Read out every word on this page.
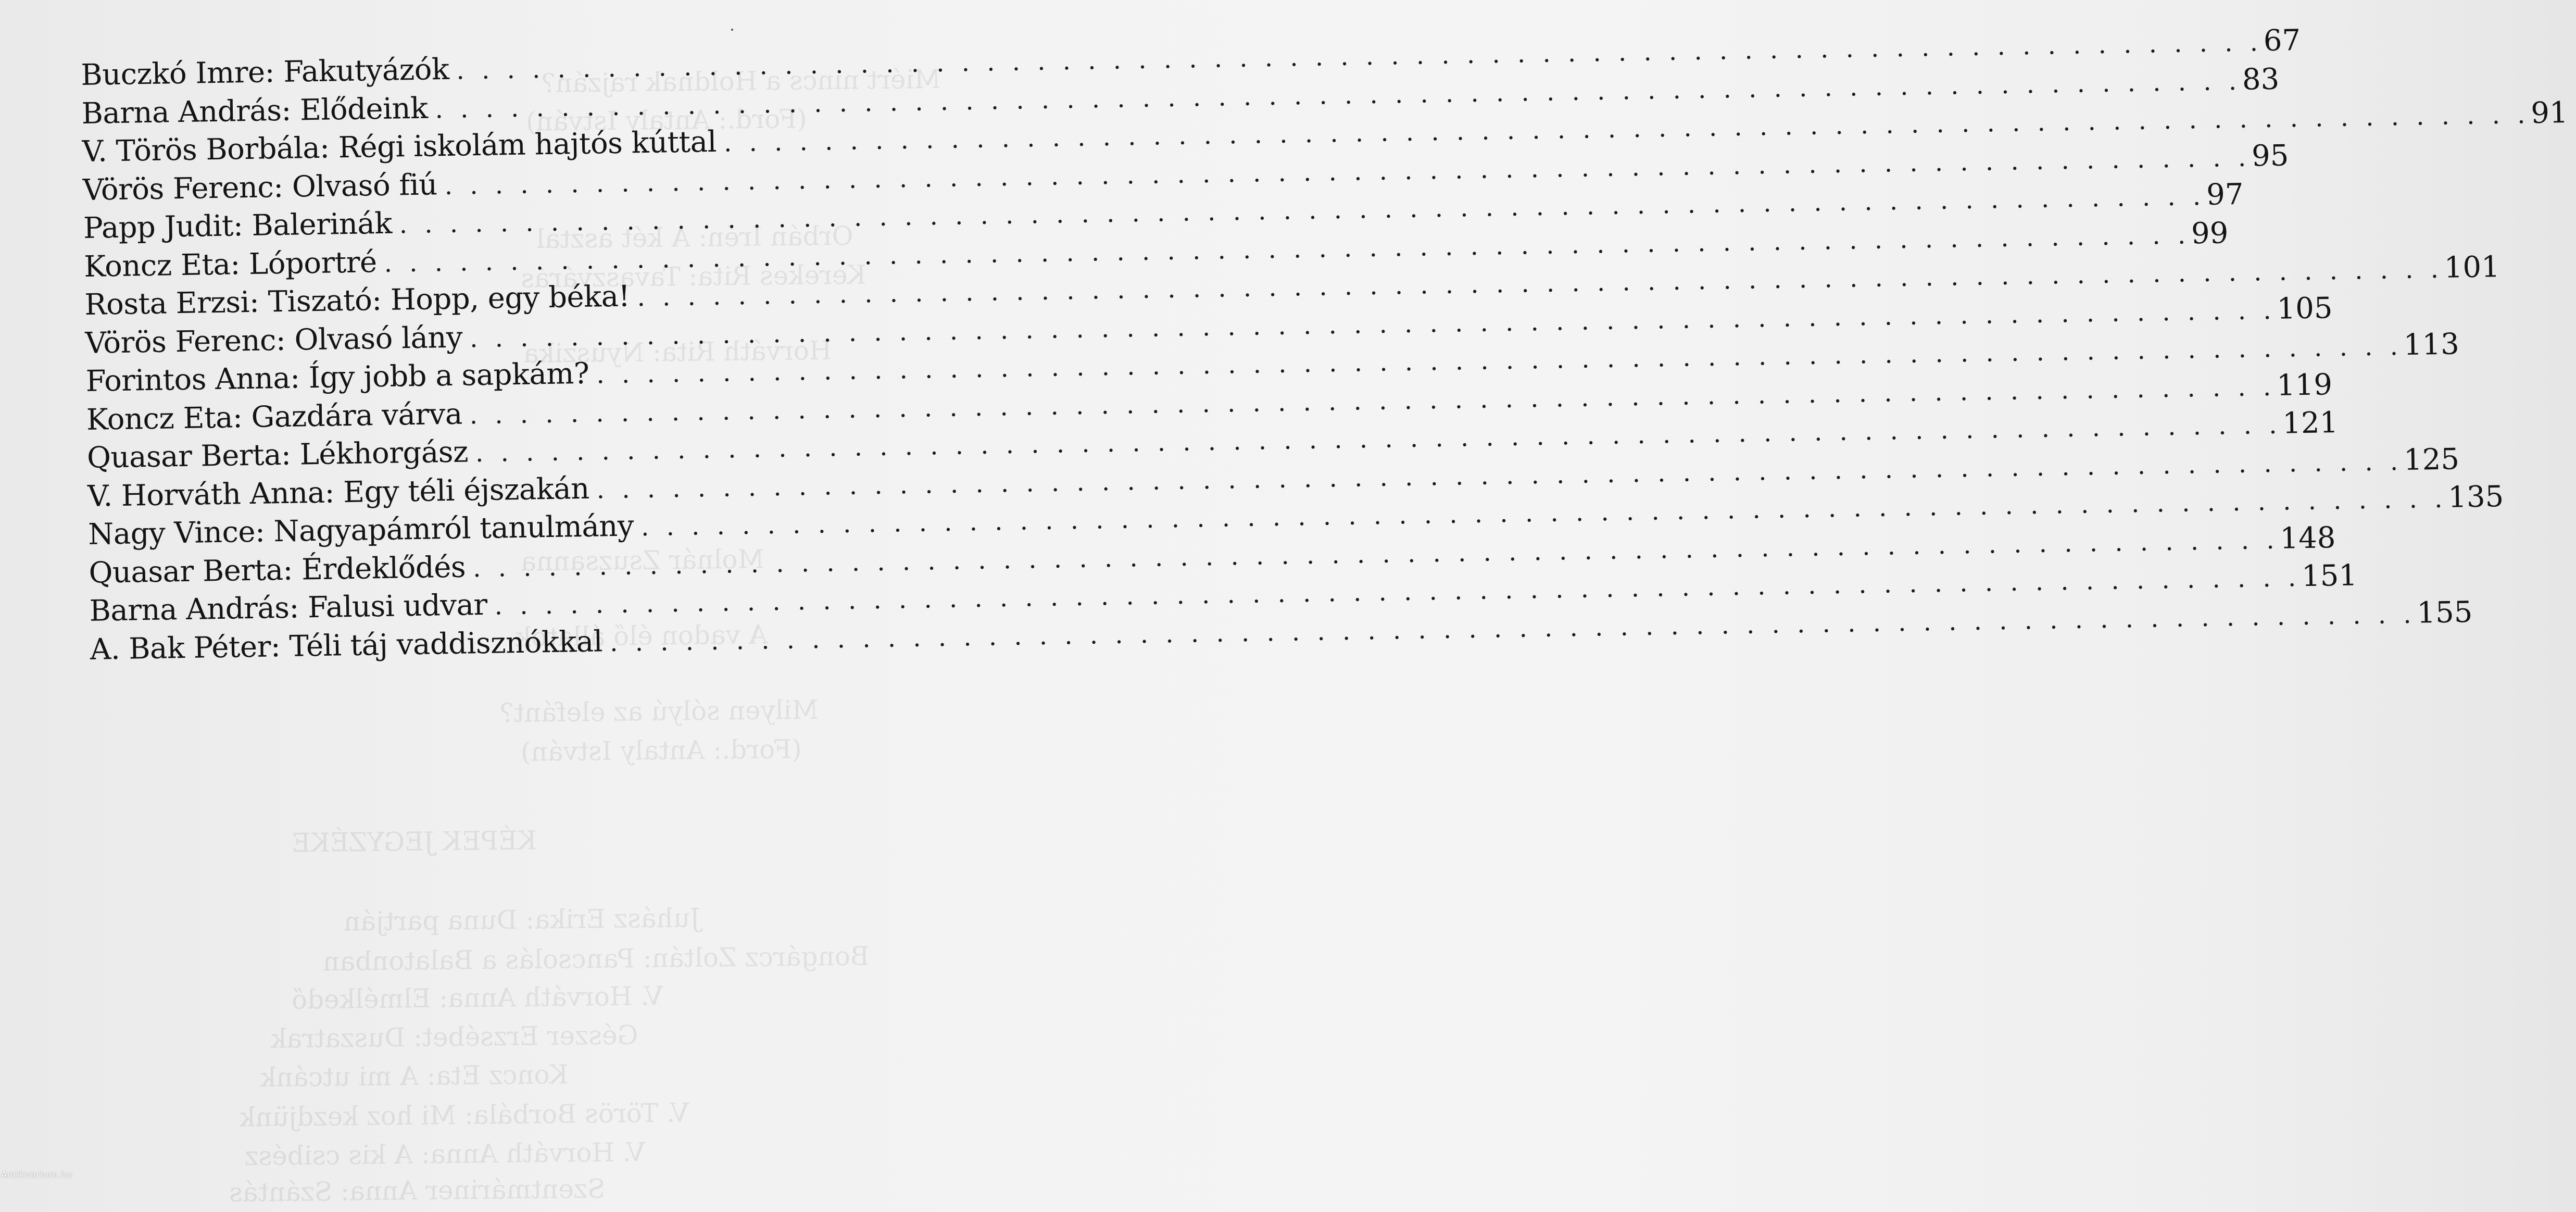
Miért nincs a Holdnak rajzán?
(Ford.: Antaly István)
Orbán Irén: A két asztal
Kerekes Rita: Tavaszvárás
Horváth Rita: Nyuszika
Molnár Zsuzsanna
A vadon élő állatok
Milyen sólyú az elefánt?
(Ford.: Antaly István)
KÉPEK JEGYZÉKE
Juhász Erika: Duna partján
Bongárcz Zoltán: Pancsolás a Balatonban
V. Horváth Anna: Elmélkedő
Gészer Erzsébet: Duszatrak
Koncz Eta: A mi utcánk
V. Törös Borbála: Mi hoz kezdjünk
V. Horváth Anna: A kis csibész
Szentmáriner Anna: Szántás
Buczkó Imre: Fakutyázók
. . .
67
Barna András: Elődeink
. . .
83
V. Törös Borbála: Régi iskolám hajtós kúttal
. . .
91
Vörös Ferenc: Olvasó fiú
. . .
95
Papp Judit: Balerinák
. . .
97
Koncz Eta: Lóportré
. . .
99
Rosta Erzsi: Tiszató: Hopp, egy béka!
. . .
101
Vörös Ferenc: Olvasó lány
. . .
105
Forintos Anna: Így jobb a sapkám?
. . .
113
Koncz Eta: Gazdára várva
. . .
119
Quasar Berta: Lékhorgász
. . .
121
V. Horváth Anna: Egy téli éjszakán
. . .
125
Nagy Vince: Nagyapámról tanulmány
. . .
135
Quasar Berta: Érdeklődés
. . .
148
Barna András: Falusi udvar
. . .
151
A. Bak Péter: Téli táj vaddisznókkal
. . .
155
Antikvarium.hu
